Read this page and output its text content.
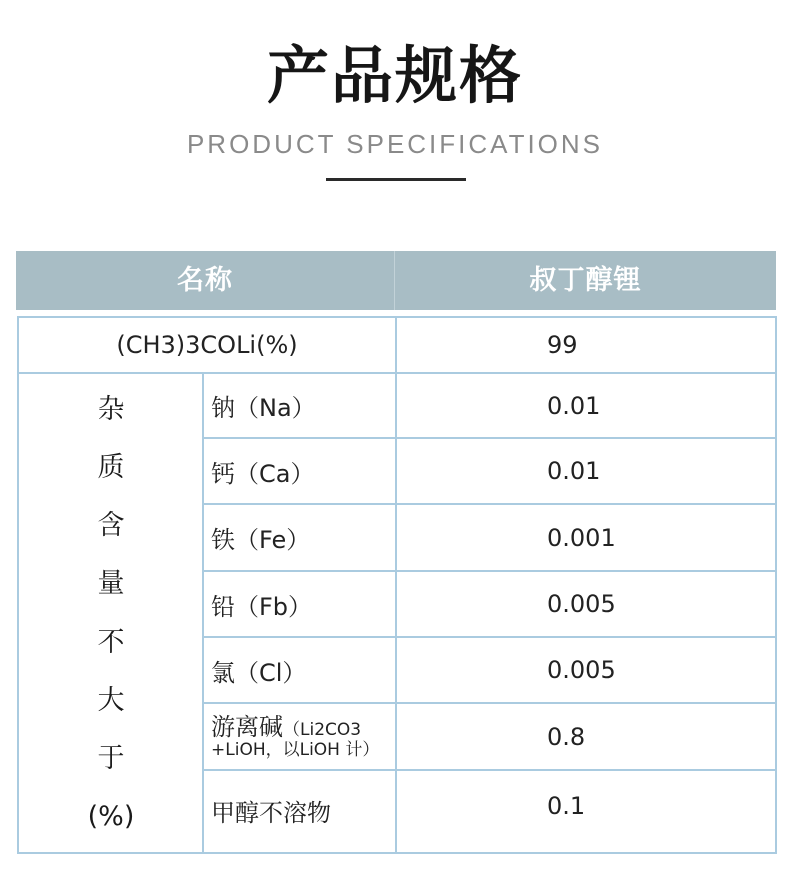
产品规格
PRODUCT SPECIFICATIONS
名称	叔丁醇锂
(CH3)3COLi(%)	99
杂
质
含
量
不
大
于
(%)
钠（Na）	0.01
钙（Ca）	0.01
铁（Fe）	0.001
铅（Fb）	0.005
氯（Cl）	0.005
游离碱 （Li2CO3
+LiOH，以LiOH 计）	0.8
甲醇不溶物	0.1
